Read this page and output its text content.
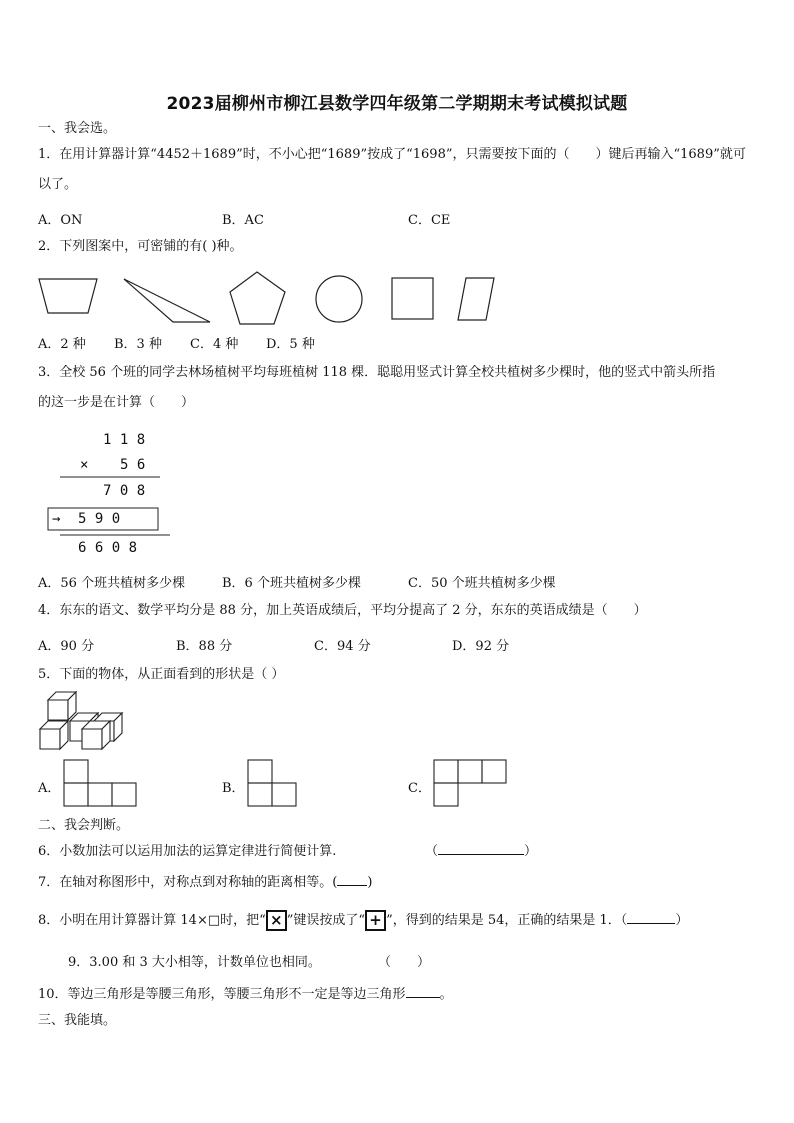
2023届柳州市柳江县数学四年级第二学期期末考试模拟试题
一、我会选。
1．在用计算器计算“4452＋1689”时，不小心把“1689”按成了“1698”，只需要按下面的（　　）键后再输入“1689”就可
以了。
A．ON	B．AC	C．CE
2．下列图案中，可密铺的有( )种。
A．2 种 B．3 种 C．4 种 D．5 种
3．全校 56 个班的同学去林场植树平均每班植树 118 棵．聪聪用竖式计算全校共植树多少棵时，他的竖式中箭头所指
的这一步是在计算（　　）
1 1 8
× 5 6
7 0 8
→ 5 9 0
6 6 0 8
A．56 个班共植树多少棵	B．6 个班共植树多少棵	C．50 个班共植树多少棵
4．东东的语文、数学平均分是 88 分，加上英语成绩后，平均分提高了 2 分，东东的英语成绩是（　　）
A．90 分	B．88 分	C．94 分	D．92 分
5．下面的物体，从正面看到的形状是（ ）
A．	B．	C．
二、我会判断。
6．小数加法可以运用加法的运算定律进行简便计算.	（	）
7．在轴对称图形中，对称点到对称轴的距离相等。( )
8．小明在用计算器计算 14×□时，把“ × ”键误按成了“ + ”，得到的结果是 54，正确的结果是 1．（	）
9．3.00 和 3 大小相等，计数单位也相同。	（　　）
10．等边三角形是等腰三角形，等腰三角形不一定是等边三角形	。
三、我能填。
